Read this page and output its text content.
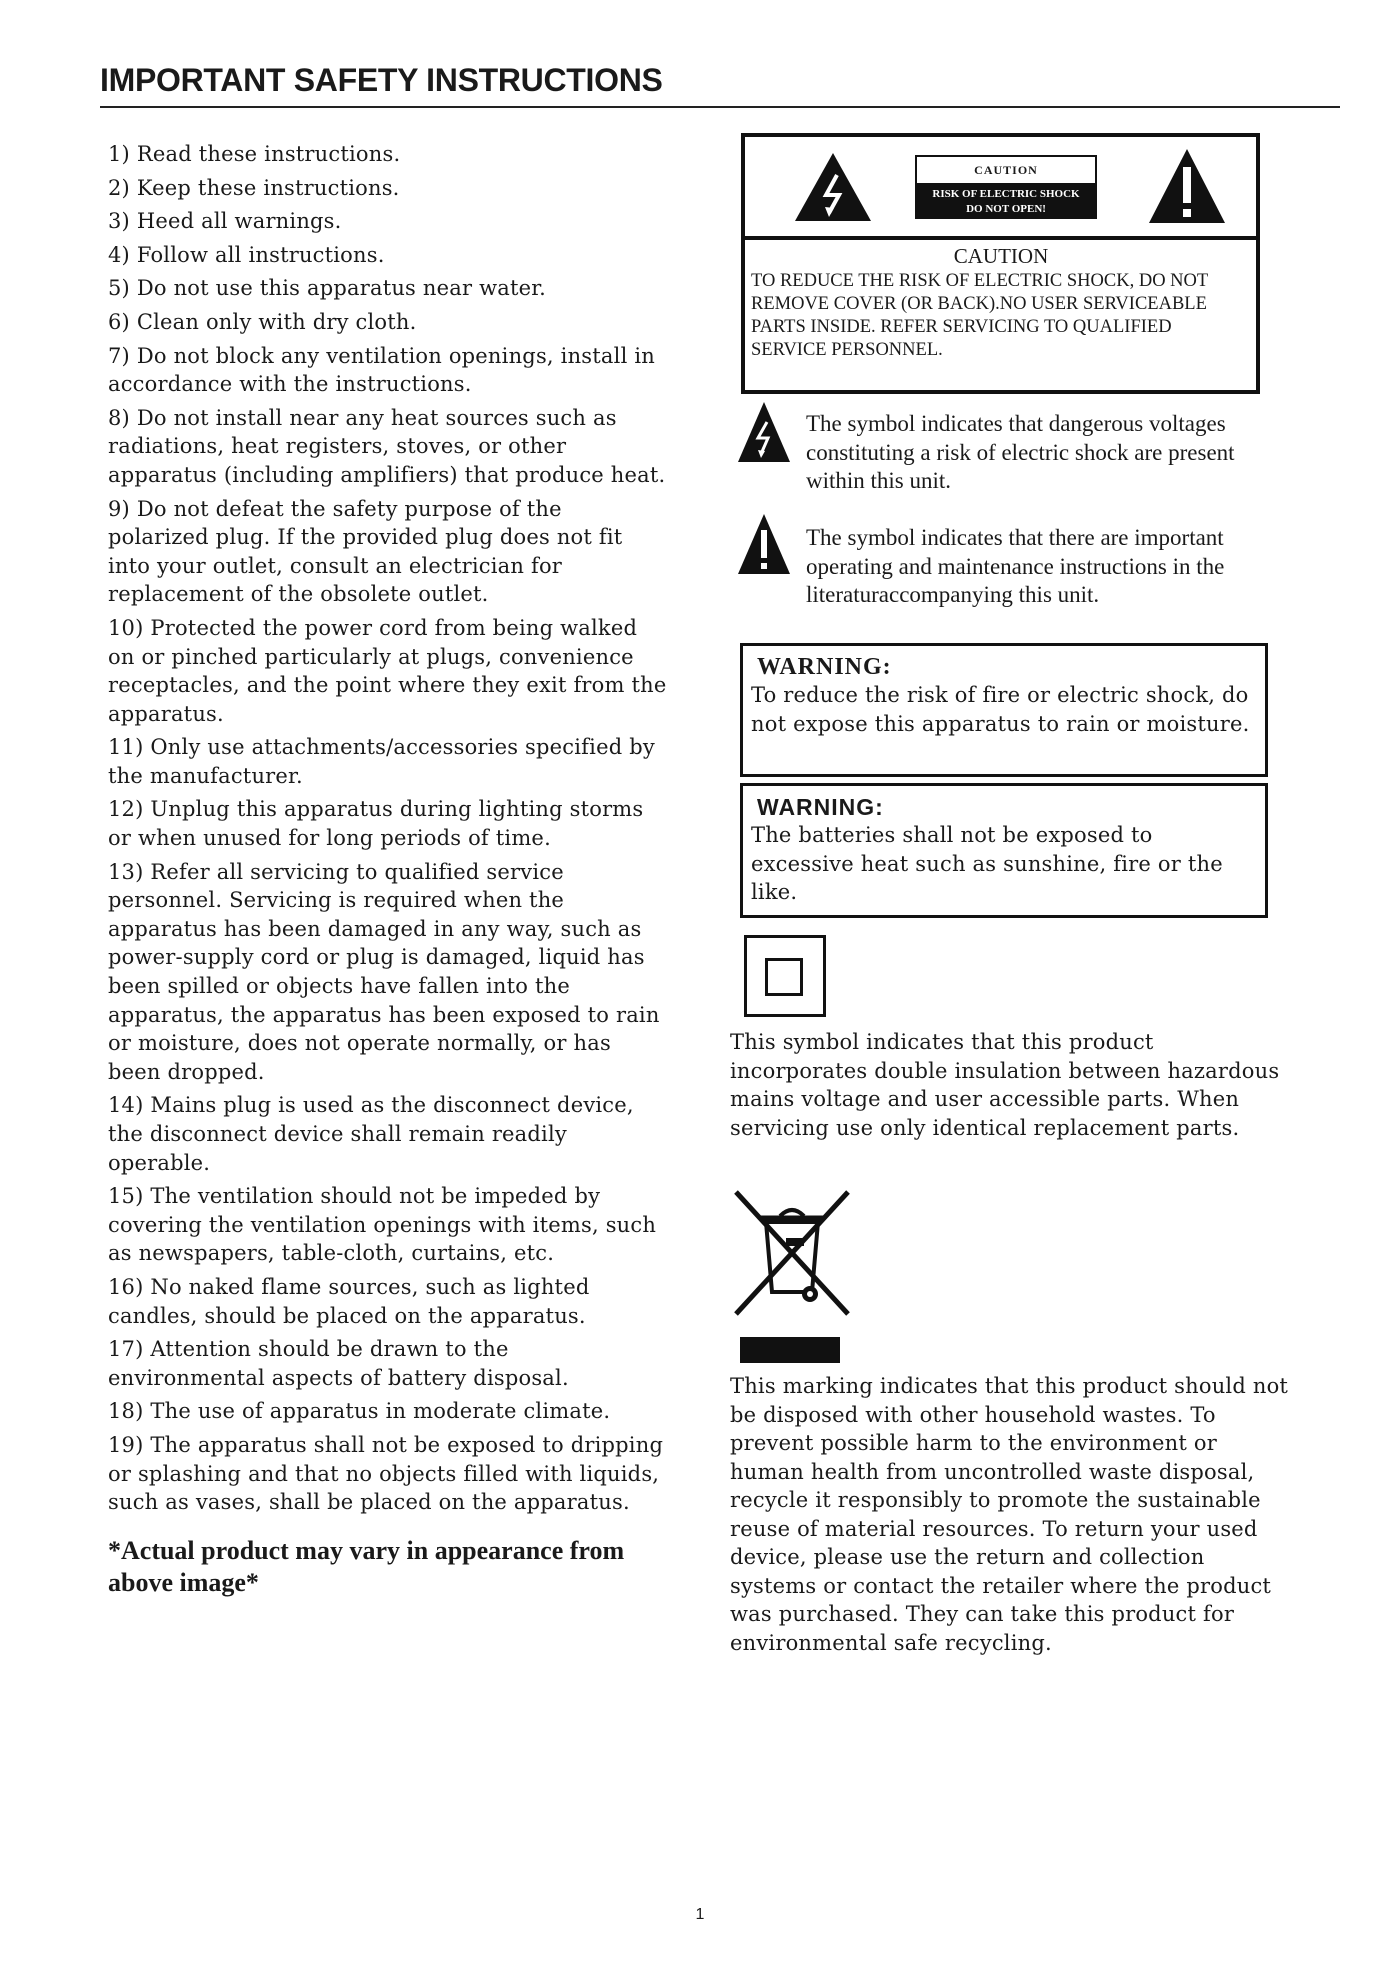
IMPORTANT SAFETY INSTRUCTIONS
1) Read these instructions.
2) Keep these instructions.
3) Heed all warnings.
4) Follow all instructions.
5) Do not use this apparatus near water.
6) Clean only with dry cloth.
7) Do not block any ventilation openings, install in accordance with the instructions.
8) Do not install near any heat sources such as radiations, heat registers, stoves, or other apparatus (including amplifiers) that produce heat.
9) Do not defeat the safety purpose of the polarized plug. If the provided plug does not fit into your outlet, consult an electrician for replacement of the obsolete outlet.
10) Protected the power cord from being walked on or pinched particularly at plugs, convenience receptacles, and the point where they exit from the apparatus.
11) Only use attachments/accessories specified by the manufacturer.
12) Unplug this apparatus during lighting storms or when unused for long periods of time.
13) Refer all servicing to qualified service personnel. Servicing is required when the apparatus has been damaged in any way, such as power-supply cord or plug is damaged, liquid has been spilled or objects have fallen into the apparatus, the apparatus has been exposed to rain or moisture, does not operate normally, or has been dropped.
14) Mains plug is used as the disconnect device, the disconnect device shall remain readily operable.
15) The ventilation should not be impeded by covering the ventilation openings with items, such as newspapers, table-cloth, curtains, etc.
16) No naked flame sources, such as lighted candles, should be placed on the apparatus.
17) Attention should be drawn to the environmental aspects of battery disposal.
18) The use of apparatus in moderate climate.
19) The apparatus shall not be exposed to dripping or splashing and that no objects filled with liquids, such as vases, shall be placed on the apparatus.
*Actual product may vary in appearance from above image*
CAUTION
RISK OF ELECTRIC SHOCK
DO NOT OPEN!
CAUTION
TO REDUCE THE RISK OF ELECTRIC SHOCK, DO NOT REMOVE COVER (OR BACK).NO USER SERVICEABLE PARTS INSIDE. REFER SERVICING TO QUALIFIED SERVICE PERSONNEL.
The symbol indicates that dangerous voltages constituting a risk of electric shock are present within this unit.
The symbol indicates that there are important operating and maintenance instructions in the literaturaccompanying this unit.
WARNING:
To reduce the risk of fire or electric shock, do not expose this apparatus to rain or moisture.
WARNING:
The batteries shall not be exposed to excessive heat such as sunshine, fire or the like.
This symbol indicates that this product incorporates double insulation between hazardous mains voltage and user accessible parts. When servicing use only identical replacement parts.
This marking indicates that this product should not be disposed with other household wastes. To prevent possible harm to the environment or human health from uncontrolled waste disposal, recycle it responsibly to promote the sustainable reuse of material resources. To return your used device, please use the return and collection systems or contact the retailer where the product was purchased. They can take this product for environmental safe recycling.
1
